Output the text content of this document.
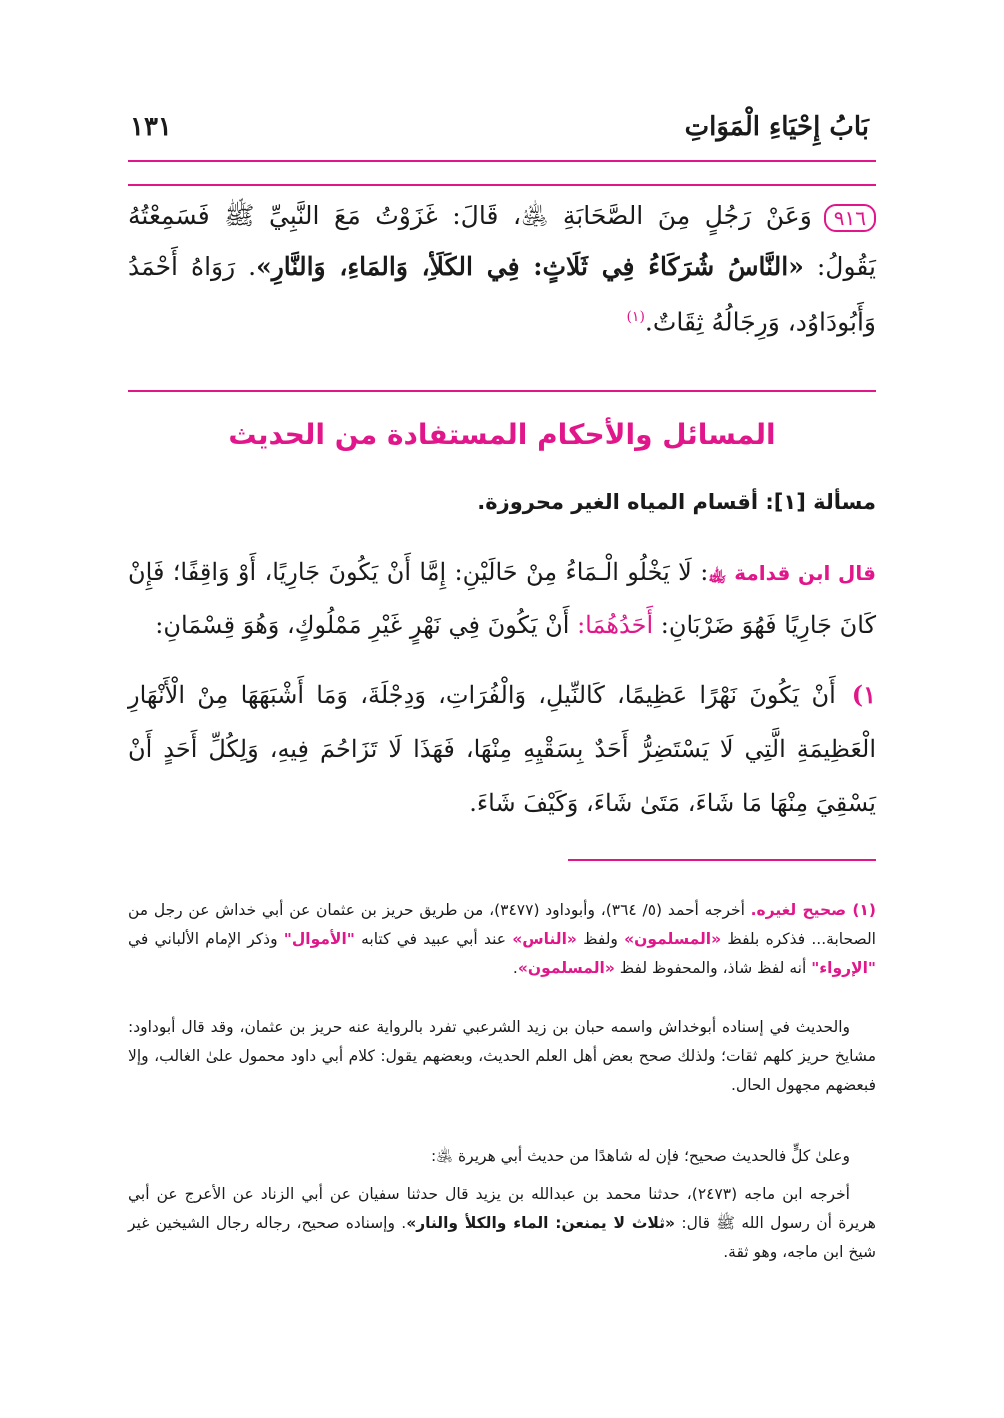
بَابُ إِحْيَاءِ الْمَوَاتِ
١٣١
٩١٦وَعَنْ رَجُلٍ مِنَ الصَّحَابَةِ ﵁، قَالَ: غَزَوْتُ مَعَ النَّبِيِّ ﷺ فَسَمِعْتُهُ يَقُولُ: «النَّاسُ شُرَكَاءُ فِي ثَلَاثٍ: فِي الكَلَأِ، وَالمَاءِ، وَالنَّارِ». رَوَاهُ أَحْمَدُ وَأَبُودَاوُد، وَرِجَالُهُ ثِقَاتٌ.$^{(١)}$
المسائل والأحكام المستفادة من الحديث
مسألة [١]: أقسام المياه الغير محروزة.
قال ابن قدامة ﵀: لَا يَخْلُو الْـمَاءُ مِنْ حَالَيْنِ: إِمَّا أَنْ يَكُونَ جَارِيًا، أَوْ وَاقِفًا؛ فَإِنْ كَانَ جَارِيًا فَهُوَ ضَرْبَانِ: أَحَدُهُمَا: أَنْ يَكُونَ فِي نَهْرٍ غَيْرِ مَمْلُوكٍ، وَهُوَ قِسْمَانِ:
١)أَنْ يَكُونَ نَهْرًا عَظِيمًا، كَالنِّيلِ، وَالْفُرَاتِ، وَدِجْلَةَ، وَمَا أَشْبَهَهَا مِنْ الْأَنْهَارِ الْعَظِيمَةِ الَّتِي لَا يَسْتَضِرُّ أَحَدٌ بِسَقْيِهِ مِنْهَا، فَهَذَا لَا تَزَاحُمَ فِيهِ، وَلِكُلِّ أَحَدٍ أَنْ يَسْقِيَ مِنْهَا مَا شَاءَ، مَتَىٰ شَاءَ، وَكَيْفَ شَاءَ.
(١) صحيح لغيره. أخرجه أحمد (٥/ ٣٦٤)، وأبوداود (٣٤٧٧)، من طريق حريز بن عثمان عن أبي خداش عن رجل من الصحابة... فذكره بلفظ «المسلمون» ولفظ «الناس» عند أبي عبيد في كتابه "الأموال" وذكر الإمام الألباني في "الإرواء" أنه لفظ شاذ، والمحفوظ لفظ «المسلمون».
والحديث في إسناده أبوخداش واسمه حبان بن زيد الشرعبي تفرد بالرواية عنه حريز بن عثمان، وقد قال أبوداود: مشايخ حريز كلهم ثقات؛ ولذلك صحح بعض أهل العلم الحديث، وبعضهم يقول: كلام أبي داود محمول علىٰ الغالب، وإلا فبعضهم مجهول الحال.
وعلىٰ كلٍّ فالحديث صحيح؛ فإن له شاهدًا من حديث أبي هريرة ﵁:
أخرجه ابن ماجه (٢٤٧٣)، حدثنا محمد بن عبدالله بن يزيد قال حدثنا سفيان عن أبي الزناد عن الأعرج عن أبي هريرة أن رسول الله ﷺ قال: «ثلاث لا يمنعن: الماء والكلأ والنار». وإسناده صحيح، رجاله رجال الشيخين غير شيخ ابن ماجه، وهو ثقة.
